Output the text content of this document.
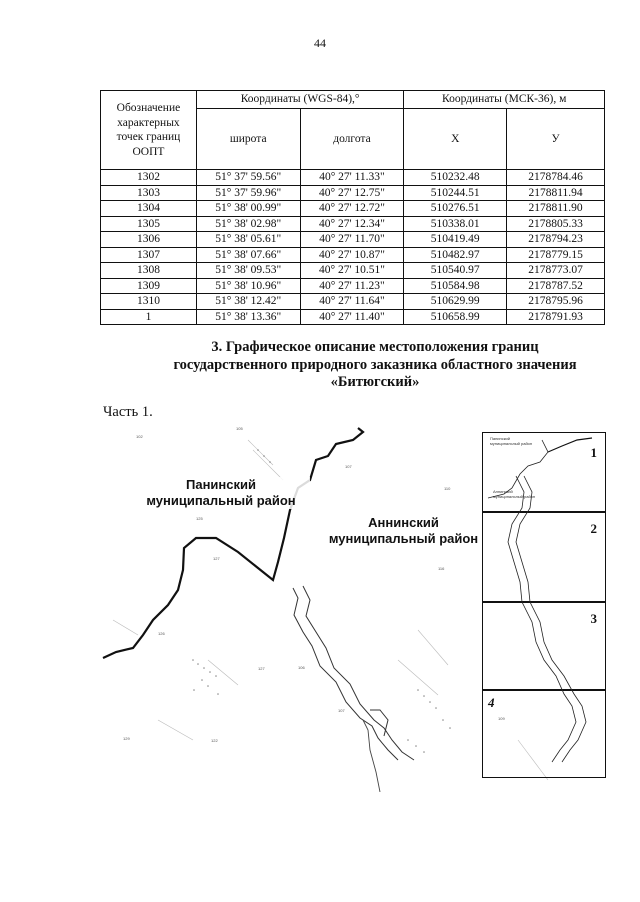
44
Обозначение характерных точек границ ООПТ	Координаты (WGS-84),°		Координаты (МСК-36), м	
	широта	долгота	Х	У
1302	51° 37' 59.56"	40° 27' 11.33"	510232.48	2178784.46
1303	51° 37' 59.96"	40° 27' 12.75"	510244.51	2178811.94
1304	51° 38' 00.99"	40° 27' 12.72"	510276.51	2178811.90
1305	51° 38' 02.98"	40° 27' 12.34"	510338.01	2178805.33
1306	51° 38' 05.61"	40° 27' 11.70"	510419.49	2178794.23
1307	51° 38' 07.66"	40° 27' 10.87"	510482.97	2178779.15
1308	51° 38' 09.53"	40° 27' 10.51"	510540.97	2178773.07
1309	51° 38' 10.96"	40° 27' 11.23"	510584.98	2178787.52
1310	51° 38' 12.42"	40° 27' 11.64"	510629.99	2178795.96
1	51° 38' 13.36"	40° 27' 11.40"	510658.99	2178791.93
3. Графическое описание местоположения границ
государственного природного заказника областного значения
«Битюгский»
Часть 1.
102
105
107
125
127
126
127	106
129	122
107
110
116
109
Панинский муниципальный район
Аннинский муниципальный район
1
Панинский муниципальный район
Аннинский муниципальный район
2
3
4
